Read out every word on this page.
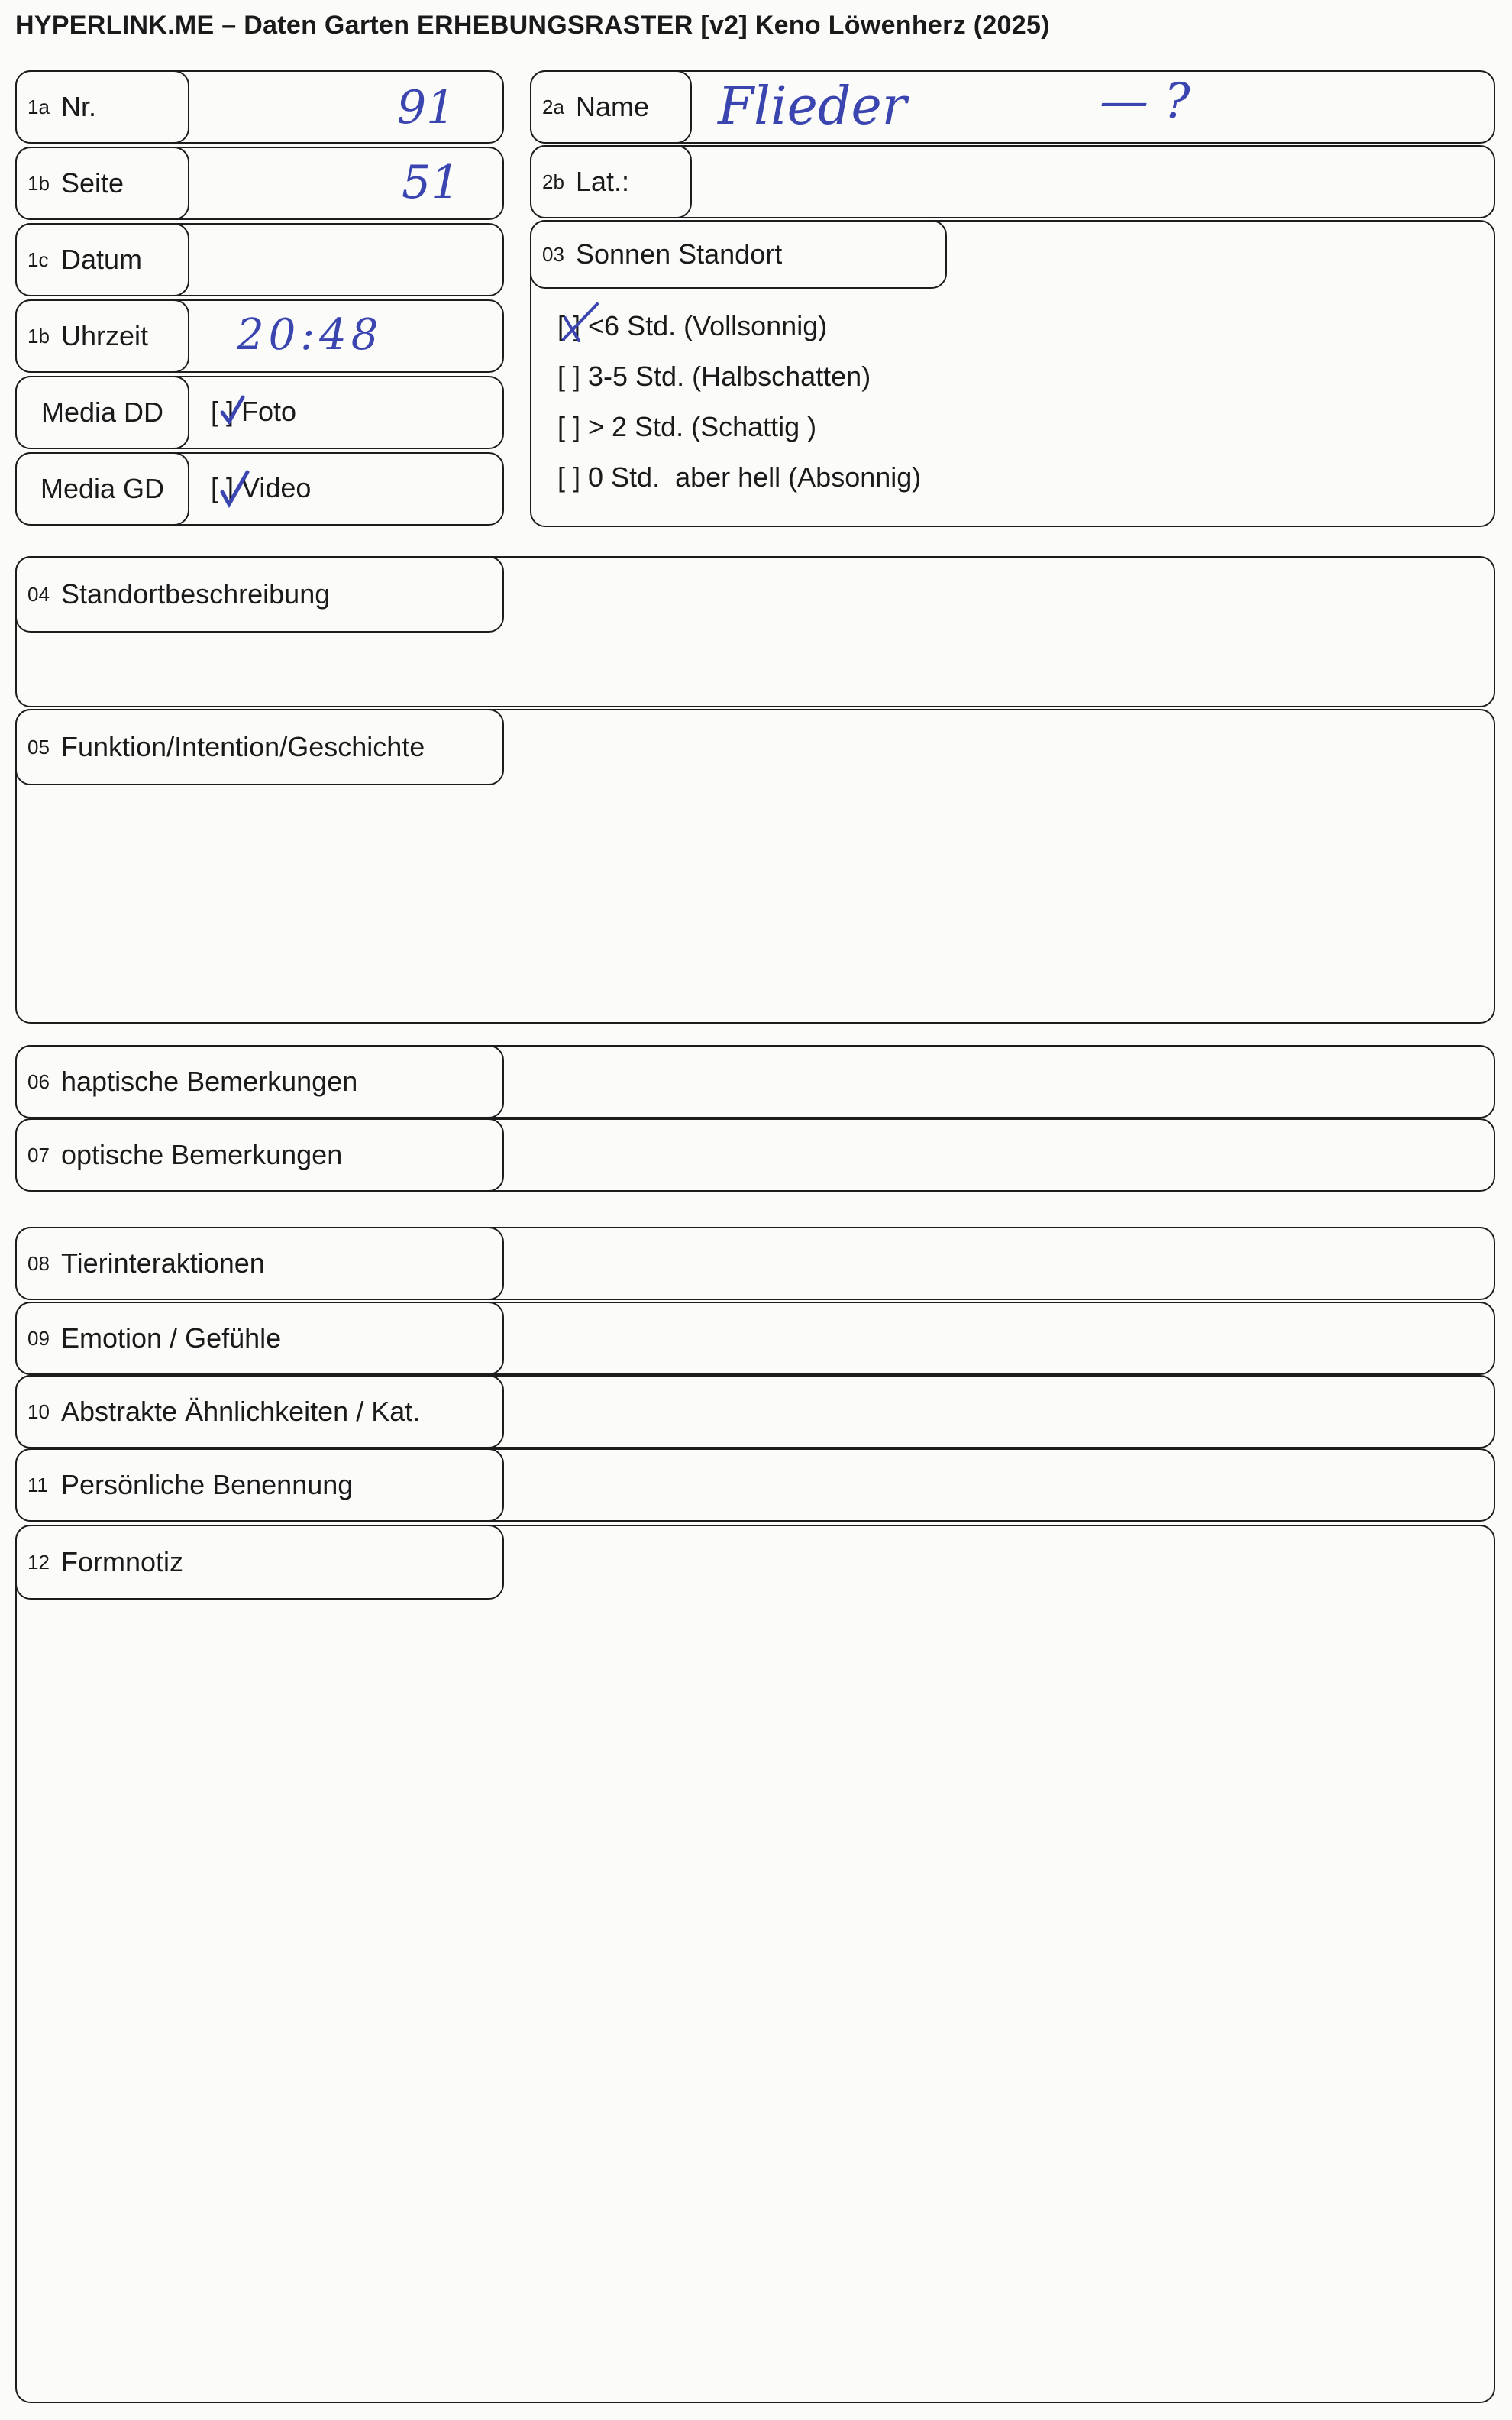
HYPERLINK.ME – Daten Garten ERHEBUNGSRASTER [v2] Keno Löwenherz (2025)
1a Nr.	91
1b Seite	51
1c Datum
1b Uhrzeit 20:48
Media DD [ ] Foto
Media GD [ ] Video
2a Name Flieder	— ?
2b Lat.:
03 Sonnen Standort
[ ] <6 Std. (Vollsonnig)
[ ] 3-5 Std. (Halbschatten)
[ ] > 2 Std. (Schattig )
[ ] 0 Std.  aber hell (Absonnig)
04 Standortbeschreibung
05 Funktion/Intention/Geschichte
06 haptische Bemerkungen
07 optische Bemerkungen
08 Tierinteraktionen
09 Emotion / Gefühle
10 Abstrakte Ähnlichkeiten / Kat.
11 Persönliche Benennung
12 Formnotiz
